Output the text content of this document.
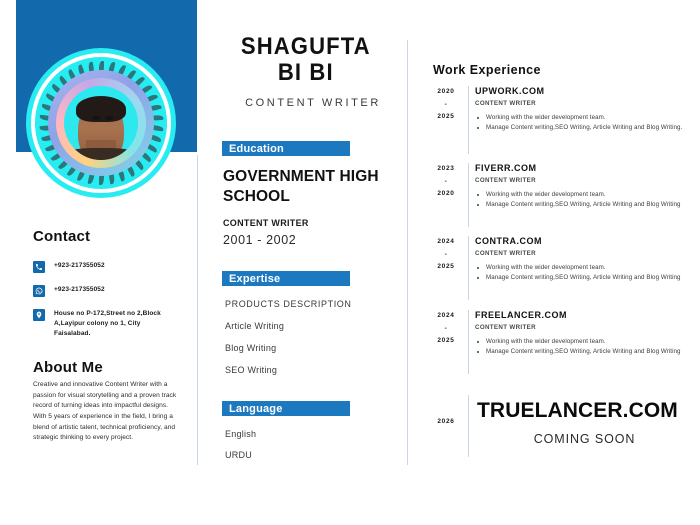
Contact
+923-217355052
+923-217355052
House no P-172,Street no 2,Block A,Layipur colony no 1, City Faisalabad.
About Me
Creative and innovative Content Writer with a passion for visual storytelling and a proven track record of turning ideas into impactful designs. With 5 years of experience in the field, I bring a blend of artistic talent, technical proficiency, and strategic thinking to every project.
SHAGUFTA
BI BI
CONTENT WRITER
Education
GOVERNMENT HIGH SCHOOL
CONTENT WRITER
2001 - 2002
Expertise
PRODUCTS DESCRIPTION
Article Writing
Blog Writing
SEO Writing
Language
English
URDU
Work Experience
2020
-
2025
UPWORK.COM
CONTENT WRITER
Working with the wider development team.
Manage Content writing,SEO Writing, Article Writing and Blog Writing.
2023
-
2020
FIVERR.COM
CONTENT WRITER
Working with the wider development team.
Manage Content writing,SEO Writing, Article Writing and Blog Writing
2024
-
2025
CONTRA.COM
CONTENT WRITER
Working with the wider development team.
Manage Content writing,SEO Writing, Article Writing and Blog Writing
2024
-
2025
FREELANCER.COM
CONTENT WRITER
Working with the wider development team.
Manage Content writing,SEO Writing, Article Writing and Blog Writing
2026	TRUELANCER.COM
COMING SOON
